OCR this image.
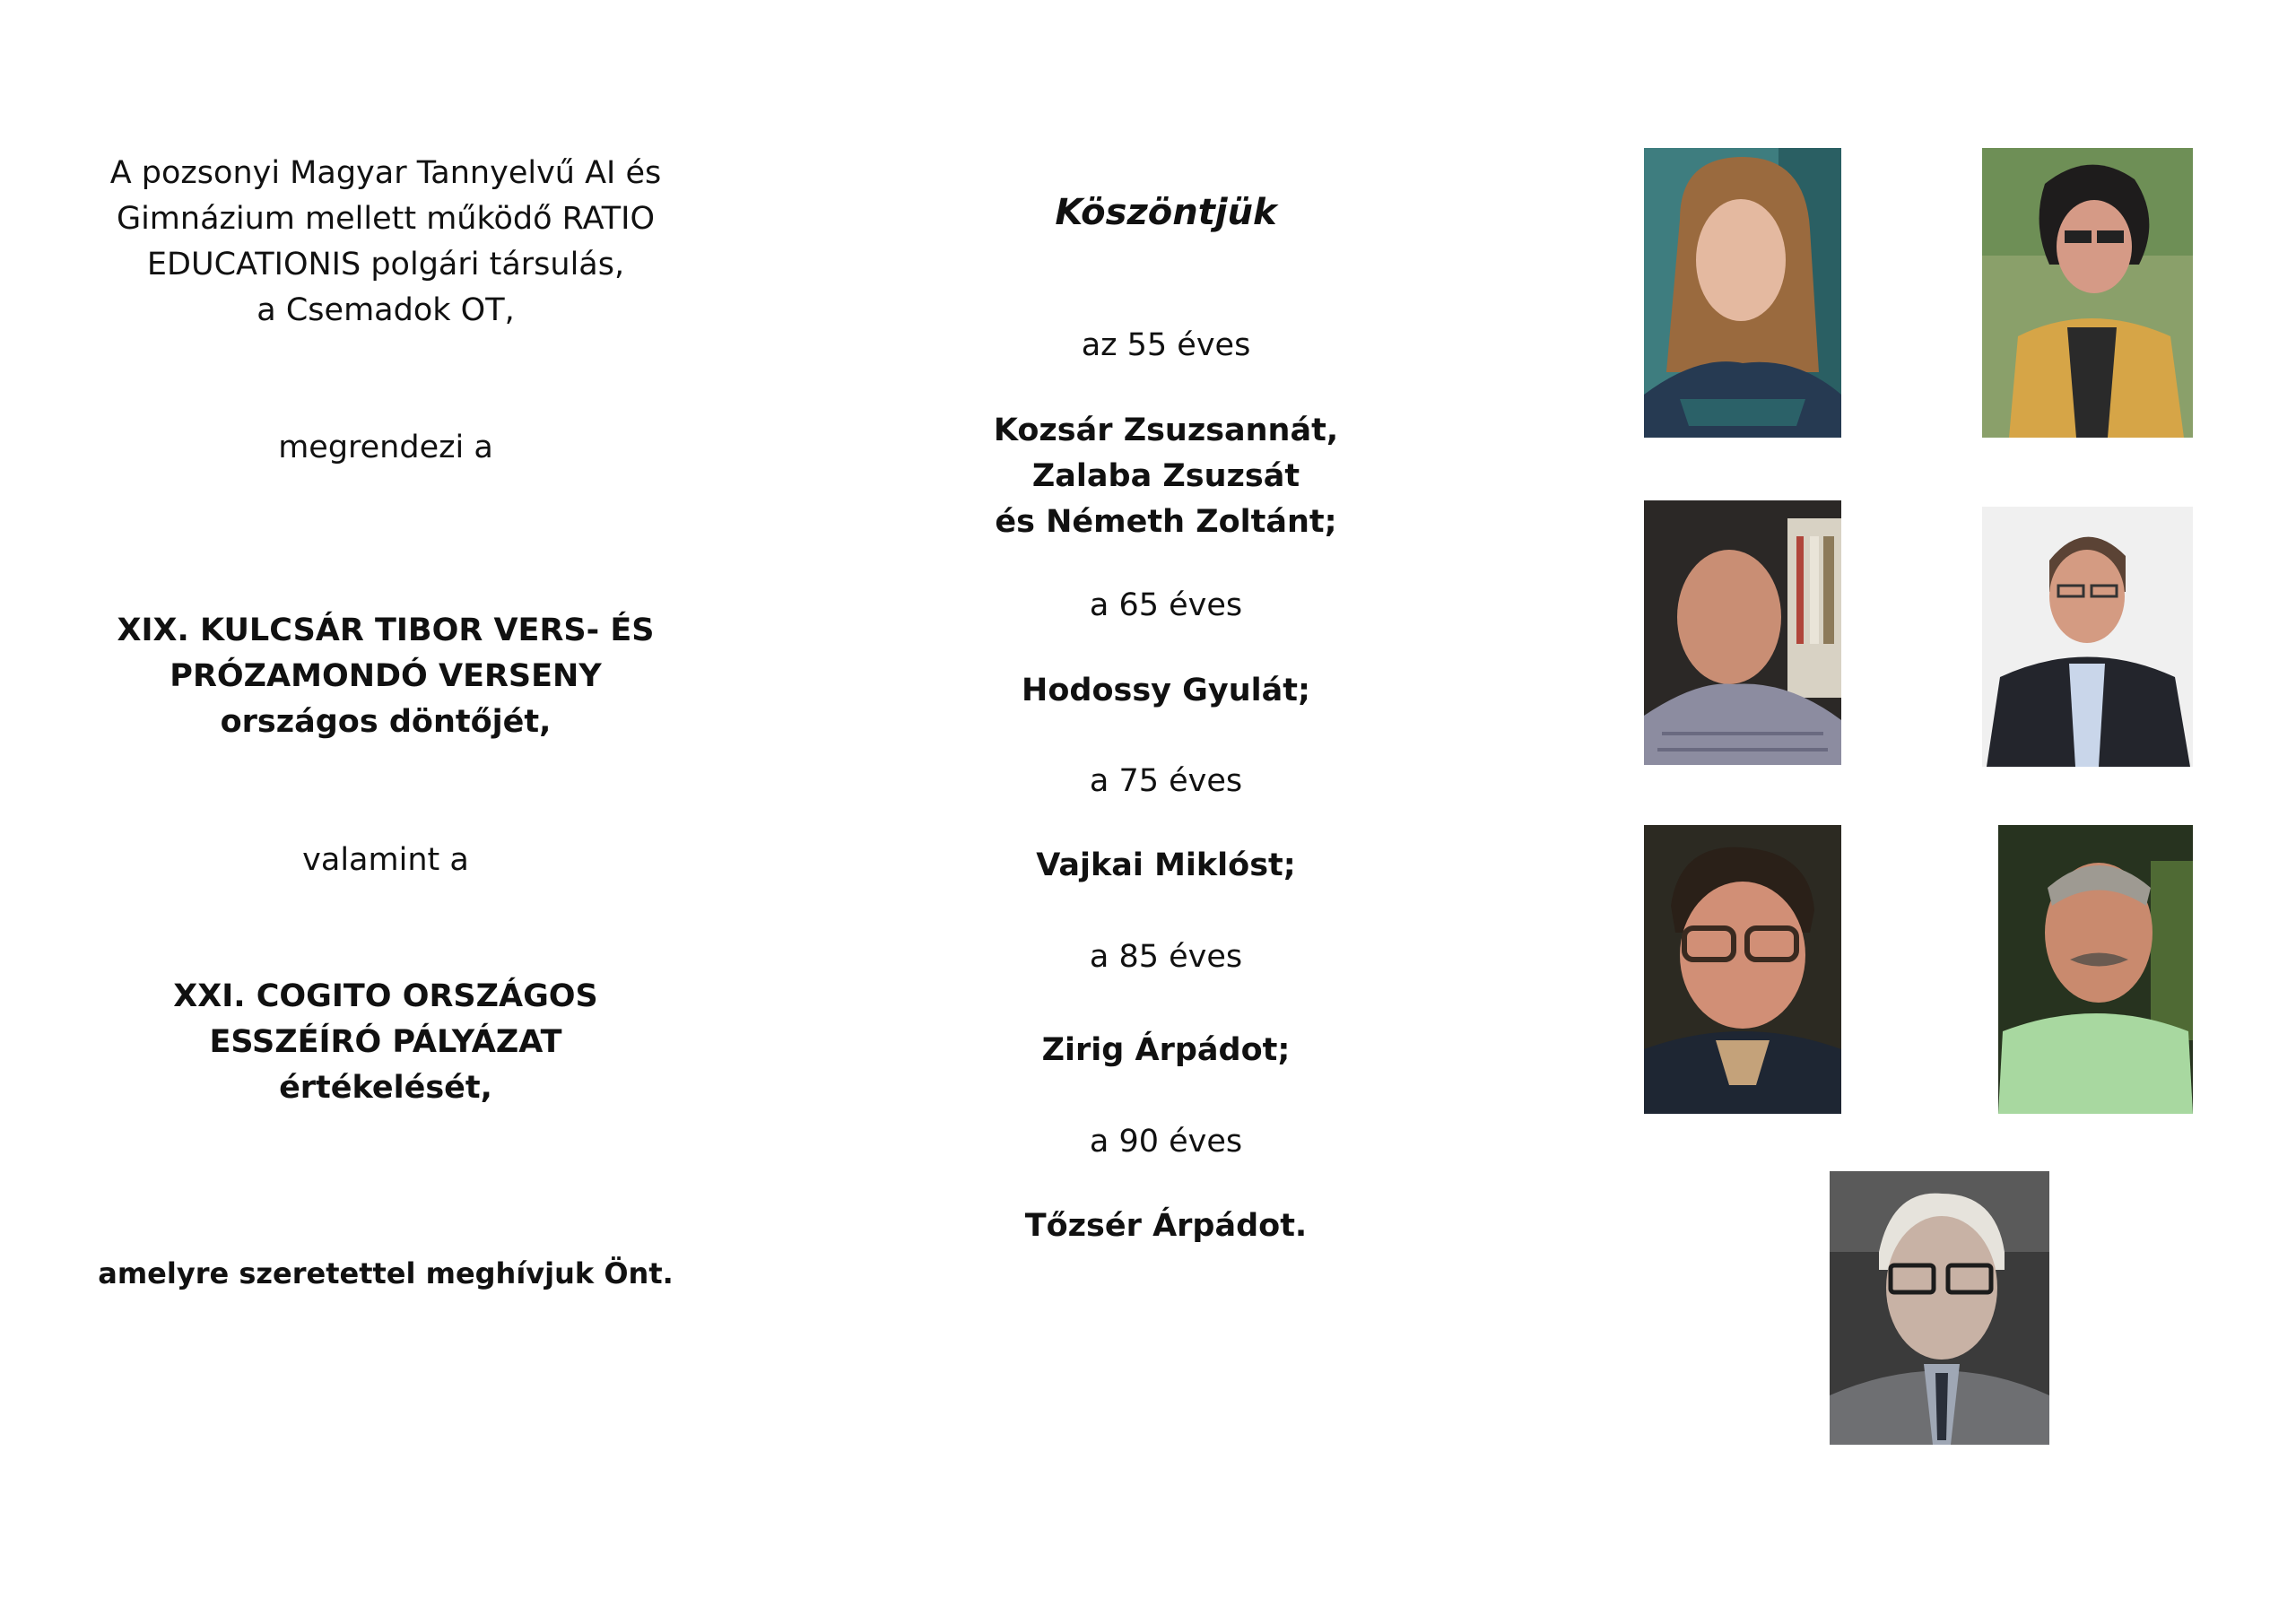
A pozsonyi Magyar Tannyelvű AI és
Gimnázium mellett működő RATIO
EDUCATIONIS polgári társulás,
a Csemadok OT,
megrendezi a
XIX. KULCSÁR TIBOR VERS- ÉS
PRÓZAMONDÓ VERSENY
országos döntőjét,
valamint a
XXI. COGITO ORSZÁGOS
ESSZÉÍRÓ PÁLYÁZAT
értékelését,
amelyre szeretettel meghívjuk Önt.
Köszöntjük
az 55 éves
Kozsár Zsuzsannát,
Zalaba Zsuzsát
és Németh Zoltánt;
a 65 éves
Hodossy Gyulát;
a 75 éves
Vajkai Miklóst;
a 85 éves
Zirig Árpádot;
a 90 éves
Tőzsér Árpádot.
